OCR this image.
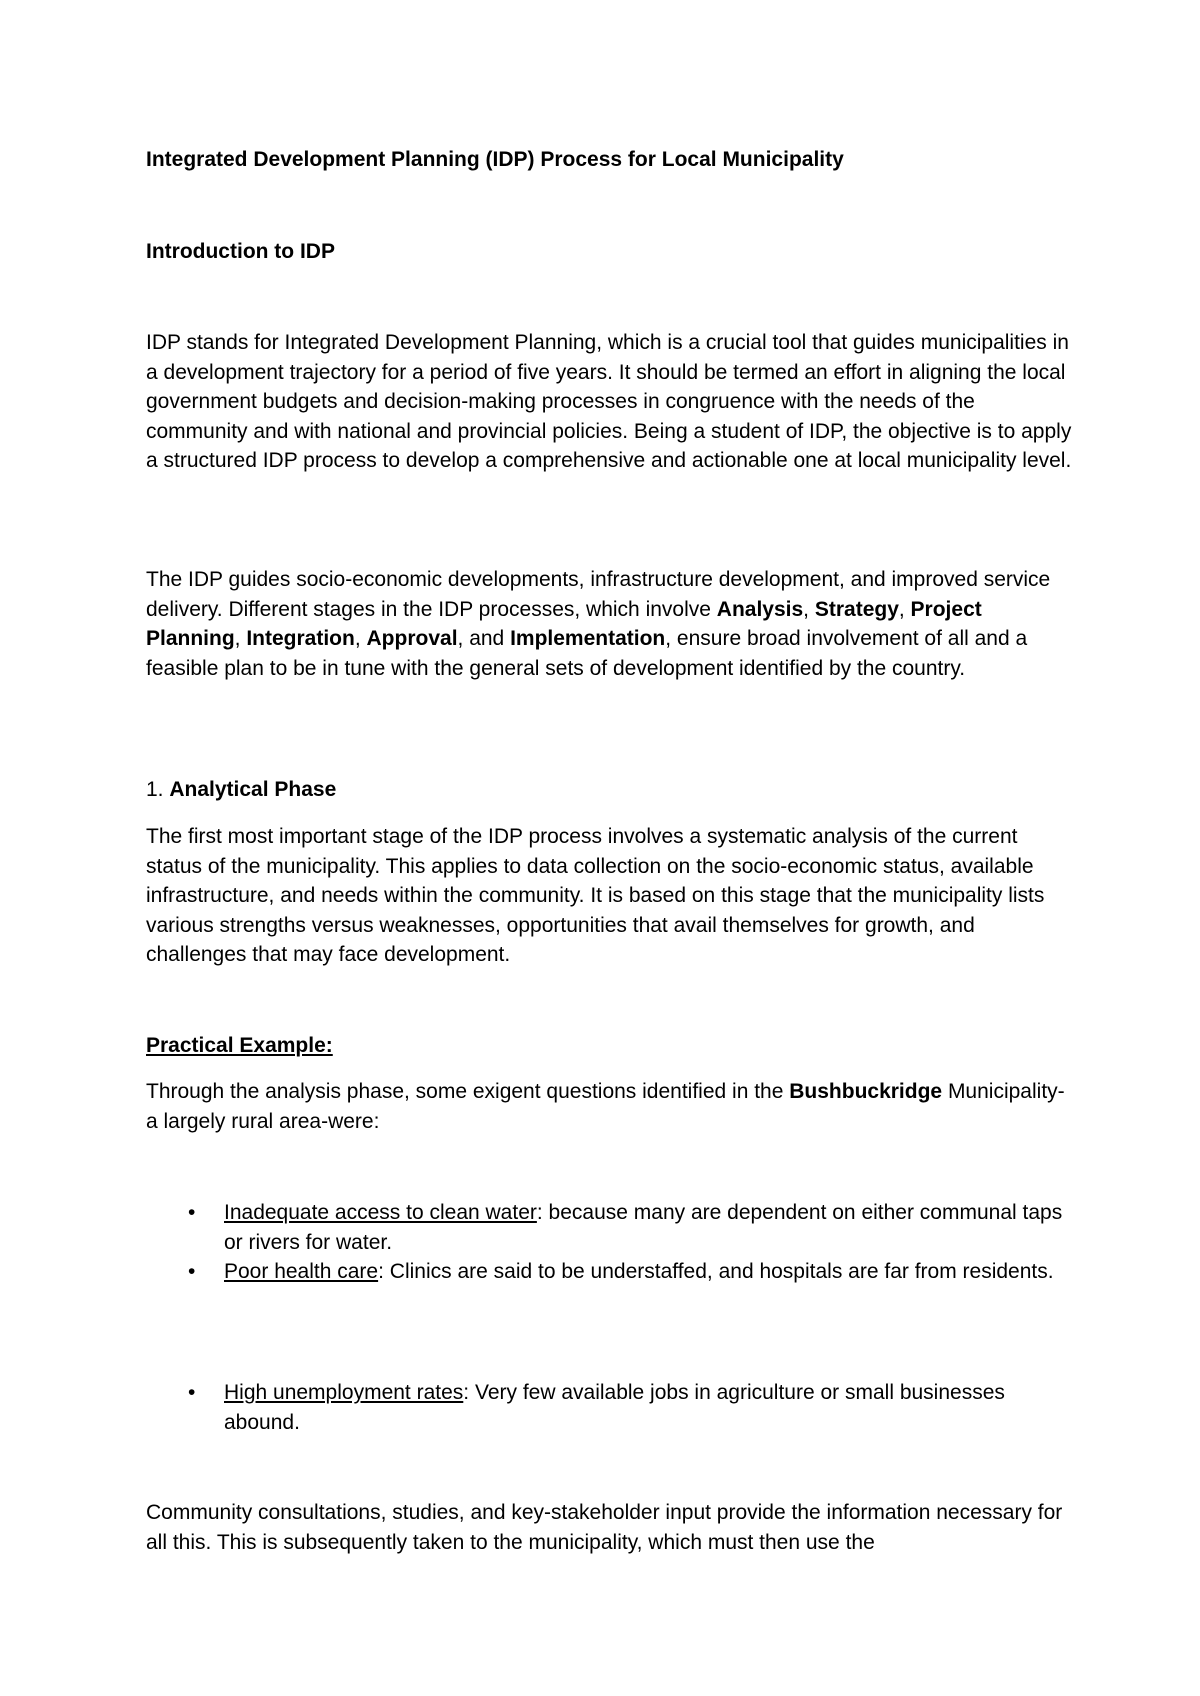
Integrated Development Planning (IDP) Process for Local Municipality

Introduction to IDP

IDP stands for Integrated Development Planning, which is a crucial tool that guides municipalities in a development trajectory for a period of five years. It should be termed an effort in aligning the local government budgets and decision-making processes in congruence with the needs of the community and with national and provincial policies. Being a student of IDP, the objective is to apply a structured IDP process to develop a comprehensive and actionable one at local municipality level.

The IDP guides socio-economic developments, infrastructure development, and improved service delivery. Different stages in the IDP processes, which involve Analysis, Strategy, Project Planning, Integration, Approval, and Implementation, ensure broad involvement of all and a feasible plan to be in tune with the general sets of development identified by the country.

1. Analytical Phase

The first most important stage of the IDP process involves a systematic analysis of the current status of the municipality. This applies to data collection on the socio-economic status, available infrastructure, and needs within the community. It is based on this stage that the municipality lists various strengths versus weaknesses, opportunities that avail themselves for growth, and challenges that may face development.

Practical Example:

Through the analysis phase, some exigent questions identified in the Bushbuckridge Municipality-a largely rural area-were:

• Inadequate access to clean water: because many are dependent on either communal taps or rivers for water.
• Poor health care: Clinics are said to be understaffed, and hospitals are far from residents.
• High unemployment rates: Very few available jobs in agriculture or small businesses abound.

Community consultations, studies, and key-stakeholder input provide the information necessary for all this. This is subsequently taken to the municipality, which must then use the
